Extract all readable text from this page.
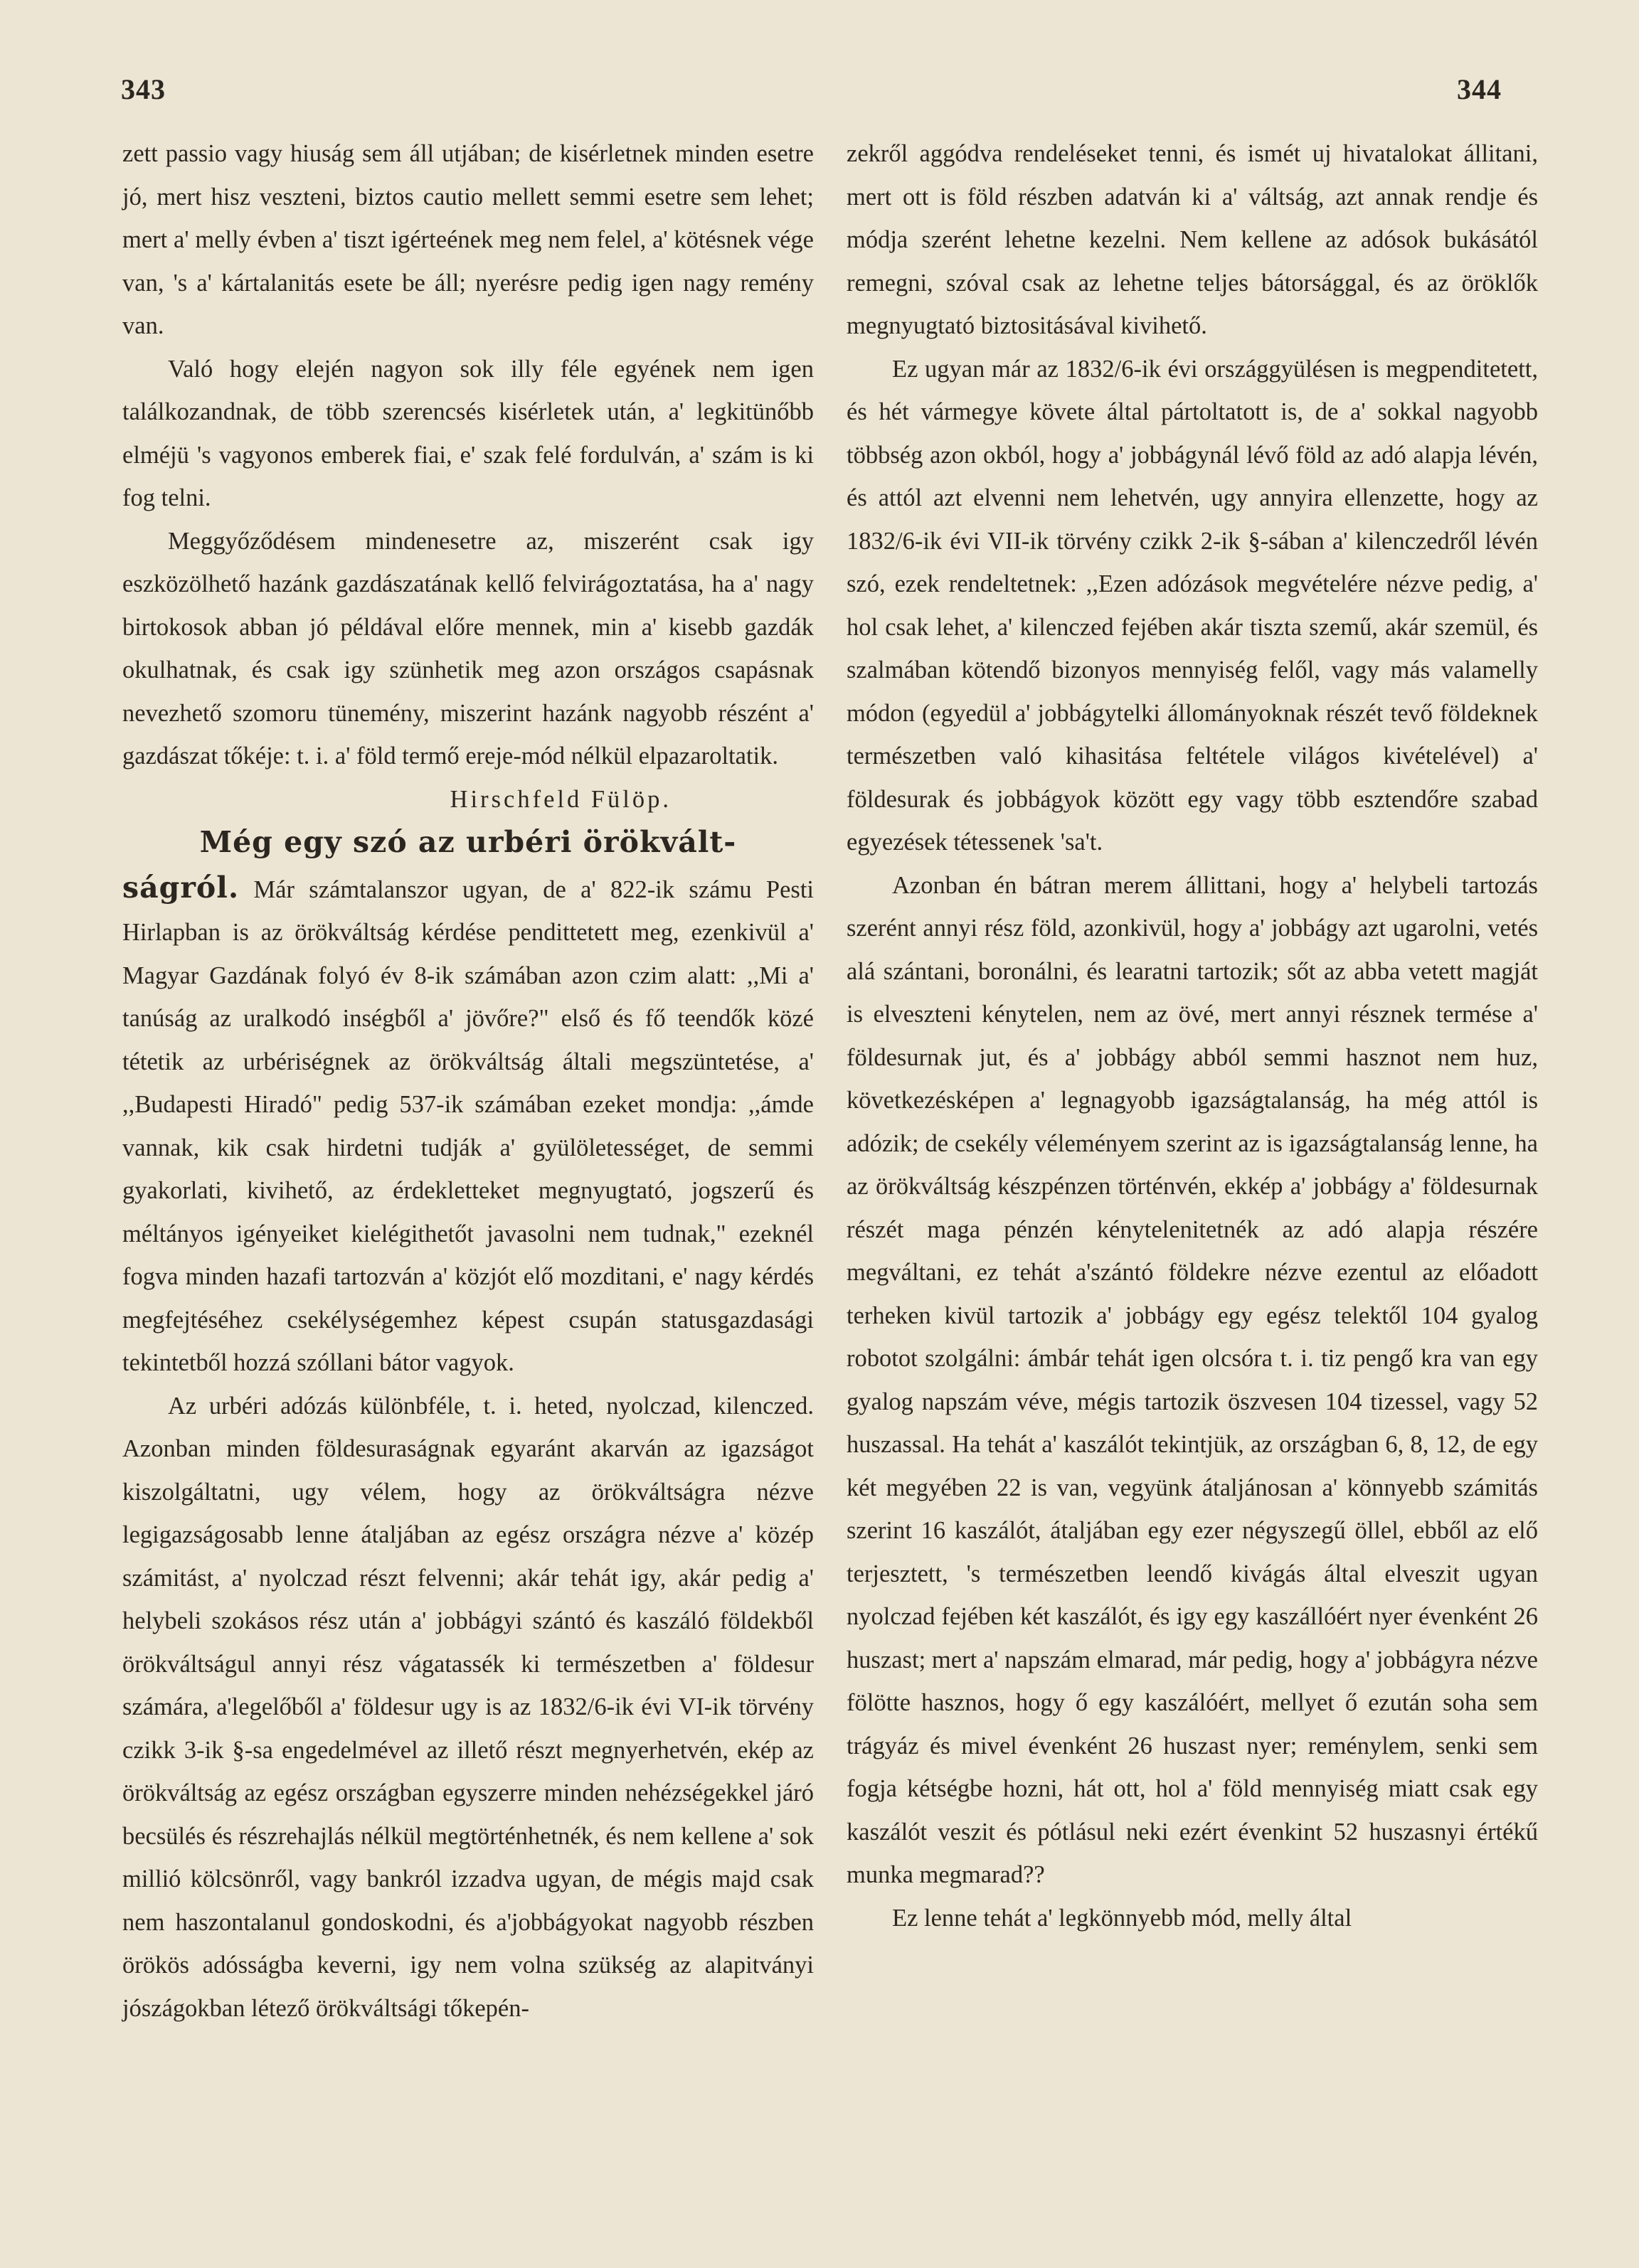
343	344

zett passio vagy hiuság sem áll utjában; de kisérletnek minden esetre jó, mert hisz veszteni, biztos cautio mellett semmi esetre sem lehet; mert a' melly évben a' tiszt igérteének meg nem felel, a' kötésnek vége van, 's a' kártalanitás esete be áll; nyerésre pedig igen nagy remény van.

Való hogy elején nagyon sok illy féle egyének nem igen találkozandnak, de több szerencsés kisérletek után, a' legkitünőbb elméjü 's vagyonos emberek fiai, e' szak felé fordulván, a' szám is ki fog telni.

Meggyőződésem mindenesetre az, miszerént csak igy eszközölhető hazánk gazdászatának kellő felvirágoztatása, ha a' nagy birtokosok abban jó példával előre mennek, min a' kisebb gazdák okulhatnak, és csak igy szünhetik meg azon országos csapásnak nevezhető szomoru tünemény, miszerint hazánk nagyobb részént a' gazdászat tőkéje: t. i. a' föld termő ereje-mód nélkül elpazaroltatik.

Hirschfeld Fülöp.

Még egy szó az urbéri örökvált-

ságról. Már számtalanszor ugyan, de a' 822-ik számu Pesti Hirlapban is az örökváltság kérdése pendittetett meg, ezenkivül a' Magyar Gazdának folyó év 8-ik számában azon czim alatt: ,,Mi a' tanúság az uralkodó inségből a' jövőre?" első és fő teendők közé tétetik az urbériségnek az örökváltság általi megszüntetése, a' ,,Budapesti Hiradó" pedig 537-ik számában ezeket mondja: ,,ámde vannak, kik csak hirdetni tudják a' gyülöletességet, de semmi gyakorlati, kivihető, az érdekletteket megnyugtató, jogszerű és méltányos igényeiket kielégithetőt javasolni nem tudnak," ezeknél fogva minden hazafi tartozván a' közjót elő mozditani, e' nagy kérdés megfejtéséhez csekélységemhez képest csupán statusgazdasági tekintetből hozzá szóllani bátor vagyok.

Az urbéri adózás különbféle, t. i. heted, nyolczad, kilenczed. Azonban minden földesuraságnak egyaránt akarván az igazságot kiszolgáltatni, ugy vélem, hogy az örökváltságra nézve legigazságosabb lenne átaljában az egész országra nézve a' közép számitást, a' nyolczad részt felvenni; akár tehát igy, akár pedig a' helybeli szokásos rész után a' jobbágyi szántó és kaszáló földekből örökváltságul annyi rész vágatassék ki természetben a' földesur számára, a'legelőből a' földesur ugy is az 1832/6-ik évi VI-ik törvény czikk 3-ik §-sa engedelmével az illető részt megnyerhetvén, ekép az örökváltság az egész országban egyszerre minden nehézségekkel járó becsülés és részrehajlás nélkül megtörténhetnék, és nem kellene a' sok millió kölcsönről, vagy bankról izzadva ugyan, de mégis majd csak nem haszontalanul gondoskodni, és a'jobbágyokat nagyobb részben örökös adósságba keverni, igy nem volna szükség az alapitványi jószágokban létező örökváltsági tőkepén-

zekről aggódva rendeléseket tenni, és ismét uj hivatalokat állitani, mert ott is föld részben adatván ki a' váltság, azt annak rendje és módja szerént lehetne kezelni. Nem kellene az adósok bukásától remegni, szóval csak az lehetne teljes bátorsággal, és az öröklők megnyugtató biztositásával kivihető.

Ez ugyan már az 1832/6-ik évi országgyülésen is megpenditetett, és hét vármegye követe által pártoltatott is, de a' sokkal nagyobb többség azon okból, hogy a' jobbágynál lévő föld az adó alapja lévén, és attól azt elvenni nem lehetvén, ugy annyira ellenzette, hogy az 1832/6-ik évi VII-ik törvény czikk 2-ik §-sában a' kilenczedről lévén szó, ezek rendeltetnek: ,,Ezen adózások megvételére nézve pedig, a' hol csak lehet, a' kilenczed fejében akár tiszta szemű, akár szemül, és szalmában kötendő bizonyos mennyiség felől, vagy más valamelly módon (egyedül a' jobbágytelki állományoknak részét tevő földeknek természetben való kihasitása feltétele világos kivételével) a' földesurak és jobbágyok között egy vagy több esztendőre szabad egyezések tétessenek 'sa't.

Azonban én bátran merem állittani, hogy a' helybeli tartozás szerént annyi rész föld, azonkivül, hogy a' jobbágy azt ugarolni, vetés alá szántani, boronálni, és learatni tartozik; sőt az abba vetett magját is elveszteni kénytelen, nem az övé, mert annyi résznek termése a' földesurnak jut, és a' jobbágy abból semmi hasznot nem huz, következésképen a' legnagyobb igazságtalanság, ha még attól is adózik; de csekély véleményem szerint az is igazságtalanság lenne, ha az örökváltság készpénzen történvén, ekkép a' jobbágy a' földesurnak részét maga pénzén kénytelenitetnék az adó alapja részére megváltani, ez tehát a'szántó földekre nézve ezentul az előadott terheken kivül tartozik a' jobbágy egy egész telektől 104 gyalog robotot szolgálni: ámbár tehát igen olcsóra t. i. tiz pengő kra van egy gyalog napszám véve, mégis tartozik öszvesen 104 tizessel, vagy 52 huszassal. Ha tehát a' kaszálót tekintjük, az országban 6, 8, 12, de egy két megyében 22 is van, vegyünk átaljánosan a' könnyebb számitás szerint 16 kaszálót, átaljában egy ezer négyszegű öllel, ebből az elő terjesztett, 's természetben leendő kivágás által elveszit ugyan nyolczad fejében két kaszálót, és igy egy kaszállóért nyer évenként 26 huszast; mert a' napszám elmarad, már pedig, hogy a' jobbágyra nézve fölötte hasznos, hogy ő egy kaszálóért, mellyet ő ezután soha sem trágyáz és mivel évenként 26 huszast nyer; reménylem, senki sem fogja kétségbe hozni, hát ott, hol a' föld mennyiség miatt csak egy kaszálót veszit és pótlásul neki ezért évenkint 52 huszasnyi értékű munka megmarad??

Ez lenne tehát a' legkönnyebb mód, melly által
